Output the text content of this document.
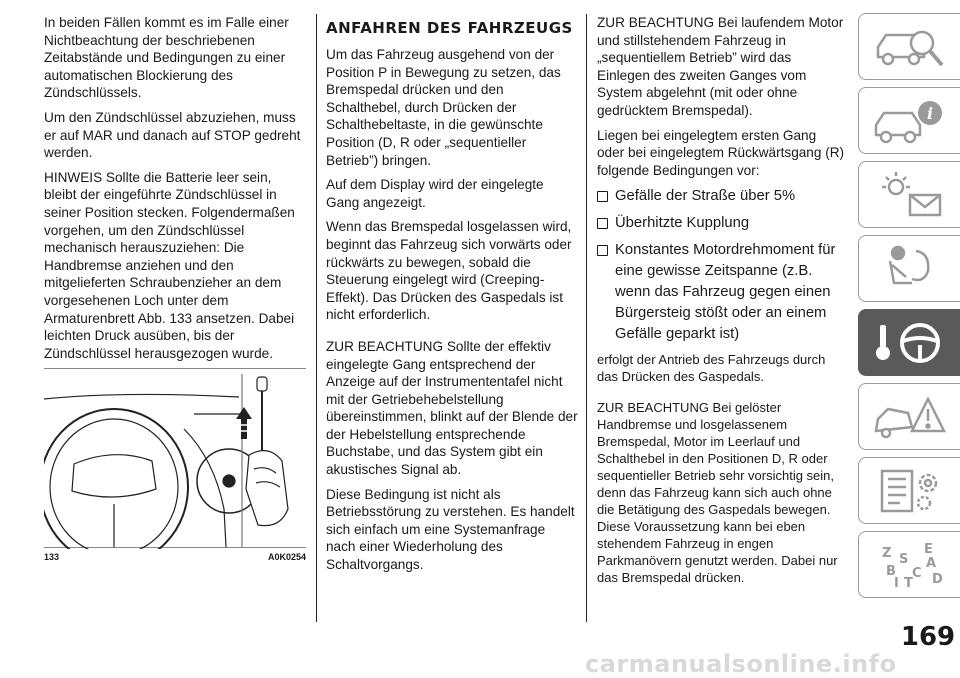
In beiden Fällen kommt es im Falle einer Nichtbeachtung der beschriebenen Zeitabstände und Bedingungen zu einer automatischen Blockierung des Zündschlüssels.

Um den Zündschlüssel abzuziehen, muss er auf MAR und danach auf STOP gedreht werden.

HINWEIS Sollte die Batterie leer sein, bleibt der eingeführte Zündschlüssel in seiner Position stecken. Folgendermaßen vorgehen, um den Zündschlüssel mechanisch herauszuziehen: Die Handbremse anziehen und den mitgelieferten Schraubenzieher an dem vorgesehenen Loch unter dem Armaturenbrett Abb. 133 ansetzen. Dabei leichten Druck ausüben, bis der Zündschlüssel herausgezogen wurde.

133	A0K0254
ANFAHREN DES FAHRZEUGS

Um das Fahrzeug ausgehend von der Position P in Bewegung zu setzen, das Bremspedal drücken und den Schalthebel, durch Drücken der Schalthebeltaste, in die gewünschte Position (D, R oder „sequentieller Betrieb”) bringen.

Auf dem Display wird der eingelegte Gang angezeigt.

Wenn das Bremspedal losgelassen wird, beginnt das Fahrzeug sich vorwärts oder rückwärts zu bewegen, sobald die Steuerung eingelegt wird (Creeping-Effekt). Das Drücken des Gaspedals ist nicht erforderlich.

ZUR BEACHTUNG Sollte der effektiv eingelegte Gang entsprechend der Anzeige auf der Instrumententafel nicht mit der Getriebehebelstellung übereinstimmen, blinkt auf der Blende der der Hebelstellung entsprechende Buchstabe, und das System gibt ein akustisches Signal ab.

Diese Bedingung ist nicht als Betriebsstörung zu verstehen. Es handelt sich einfach um eine Systemanfrage nach einer Wiederholung des Schaltvorgangs.

ZUR BEACHTUNG Bei laufendem Motor und stillstehendem Fahrzeug in „sequentiellem Betrieb” wird das Einlegen des zweiten Ganges vom System abgelehnt (mit oder ohne gedrücktem Bremspedal).

Liegen bei eingelegtem ersten Gang oder bei eingelegtem Rückwärtsgang (R) folgende Bedingungen vor:

Gefälle der Straße über 5%
Überhitzte Kupplung
Konstantes Motordrehmoment für eine gewisse Zeitspanne (z.B. wenn das Fahrzeug gegen einen Bürgersteig stößt oder an einem Gefälle geparkt ist)

erfolgt der Antrieb des Fahrzeugs durch das Drücken des Gaspedals.

ZUR BEACHTUNG Bei gelöster Handbremse und losgelassenem Bremspedal, Motor im Leerlauf und Schalthebel in den Positionen D, R oder sequentieller Betrieb sehr vorsichtig sein, denn das Fahrzeug kann sich auch ohne die Betätigung des Gaspedals bewegen. Diese Voraussetzung kann bei eben stehendem Fahrzeug in engen Parkmanövern genutzt werden. Dabei nur das Bremspedal drücken.

i
Z	E
S A
B C
T D
I
169
carmanualsonline.info
